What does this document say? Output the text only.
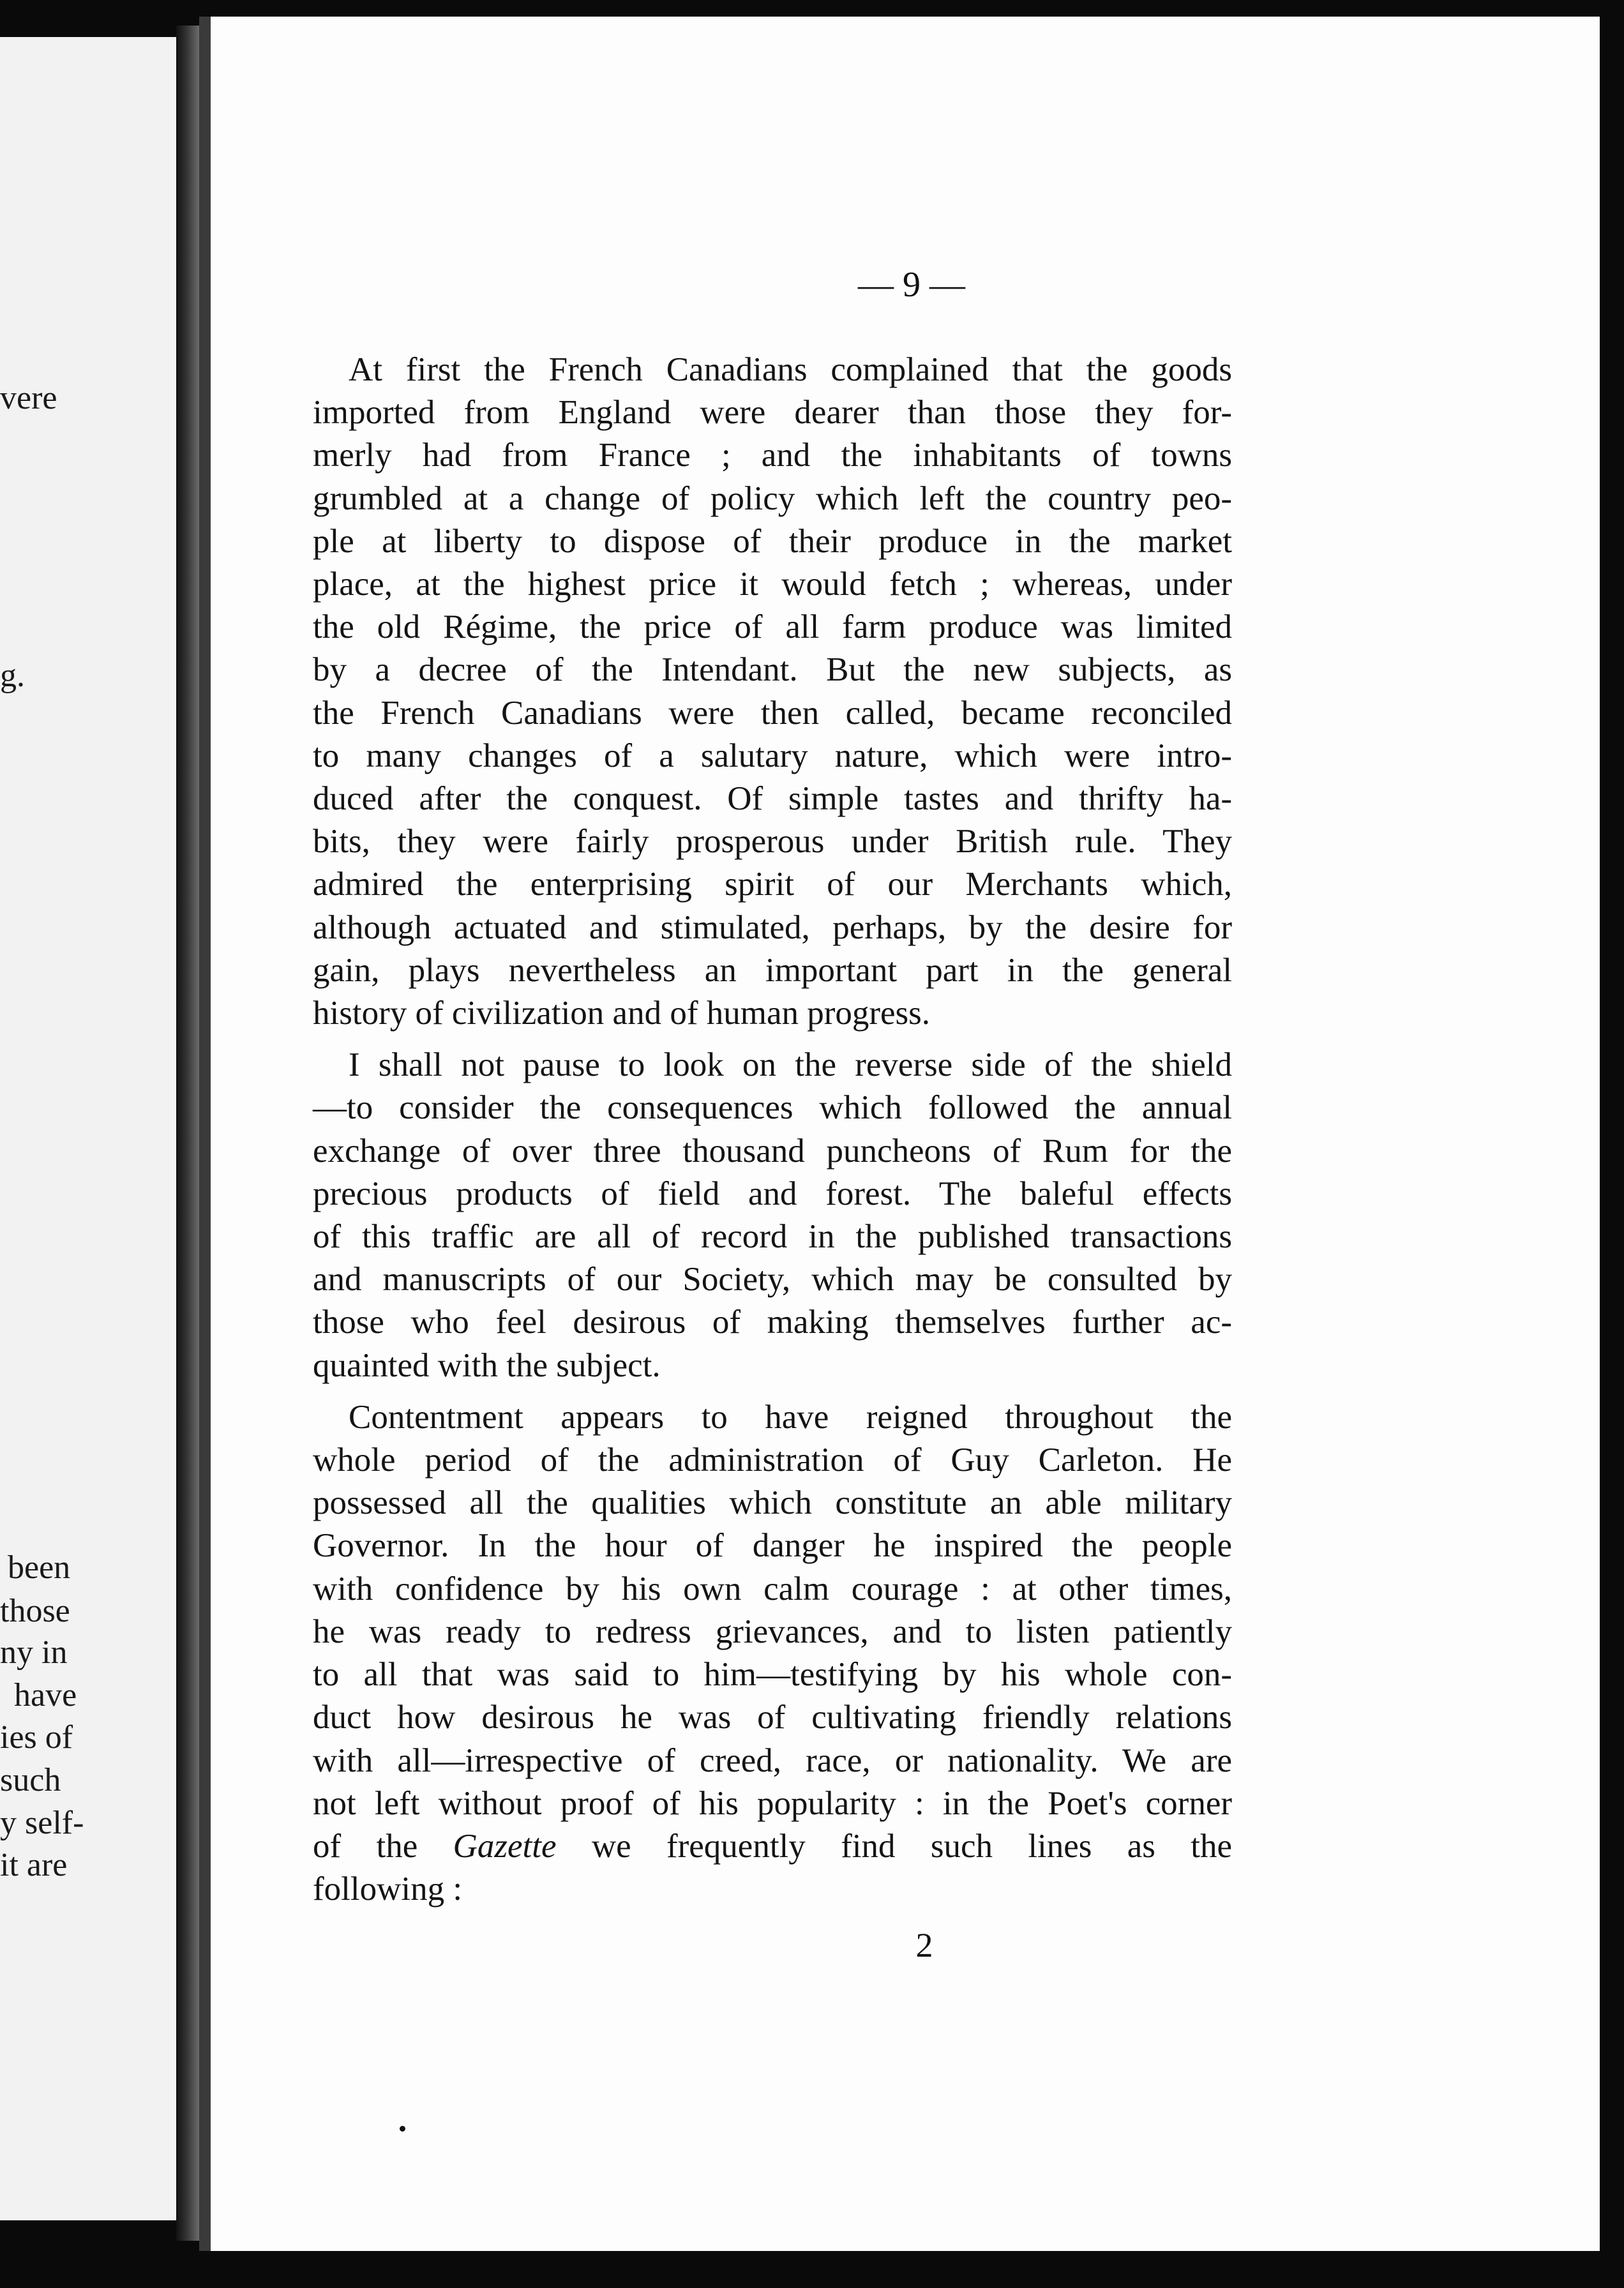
vere
g.
been
those
ny in
have
ies of
such
y self-
it are
— 9 —
At first the French Canadians complained that the goods
imported from England were dearer than those they for-
merly had from France ; and the inhabitants of towns
grumbled at a change of policy which left the country peo-
ple at liberty to dispose of their produce in the market
place, at the highest price it would fetch ; whereas, under
the old Régime, the price of all farm produce was limited
by a decree of the Intendant. But the new subjects, as
the French Canadians were then called, became reconciled
to many changes of a salutary nature, which were intro-
duced after the conquest. Of simple tastes and thrifty ha-
bits, they were fairly prosperous under British rule. They
admired the enterprising spirit of our Merchants which,
although actuated and stimulated, perhaps, by the desire for
gain, plays nevertheless an important part in the general
history of civilization and of human progress.
I shall not pause to look on the reverse side of the shield
—to consider the consequences which followed the annual
exchange of over three thousand puncheons of Rum for the
precious products of field and forest. The baleful effects
of this traffic are all of record in the published transactions
and manuscripts of our Society, which may be consulted by
those who feel desirous of making themselves further ac-
quainted with the subject.
Contentment appears to have reigned throughout the
whole period of the administration of Guy Carleton. He
possessed all the qualities which constitute an able military
Governor. In the hour of danger he inspired the people
with confidence by his own calm courage : at other times,
he was ready to redress grievances, and to listen patiently
to all that was said to him—testifying by his whole con-
duct how desirous he was of cultivating friendly relations
with all—irrespective of creed, race, or nationality. We are
not left without proof of his popularity : in the Poet's corner
of the Gazette we frequently find such lines as the
following :
2
